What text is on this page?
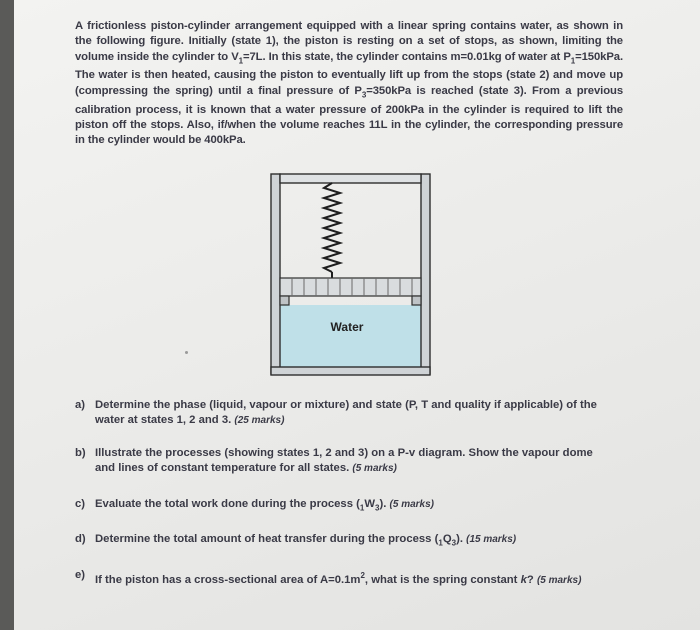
A frictionless piston-cylinder arrangement equipped with a linear spring contains water, as shown in the following figure. Initially (state 1), the piston is resting on a set of stops, as shown, limiting the volume inside the cylinder to $V_1=7L$. In this state, the cylinder contains m=0.01kg of water at $P_1=150kPa$. The water is then heated, causing the piston to eventually lift up from the stops (state 2) and move up (compressing the spring) until a final pressure of $P_3=350kPa$ is reached (state 3). From a previous calibration process, it is known that a water pressure of 200kPa in the cylinder is required to lift the piston off the stops. Also, if/when the volume reaches 11L in the cylinder, the corresponding pressure in the cylinder would be 400kPa.
Water
a) Determine the phase (liquid, vapour or mixture) and state (P, T and quality if applicable) of the water at states 1, 2 and 3. (25 marks)
b) Illustrate the processes (showing states 1, 2 and 3) on a P-v diagram. Show the vapour dome and lines of constant temperature for all states. (5 marks)
c) Evaluate the total work done during the process $(_1W_3)$. (5 marks)
d) Determine the total amount of heat transfer during the process $(_1Q_3)$. (15 marks)
e) If the piston has a cross-sectional area of $A=0.1m^2$, what is the spring constant k? (5 marks)
